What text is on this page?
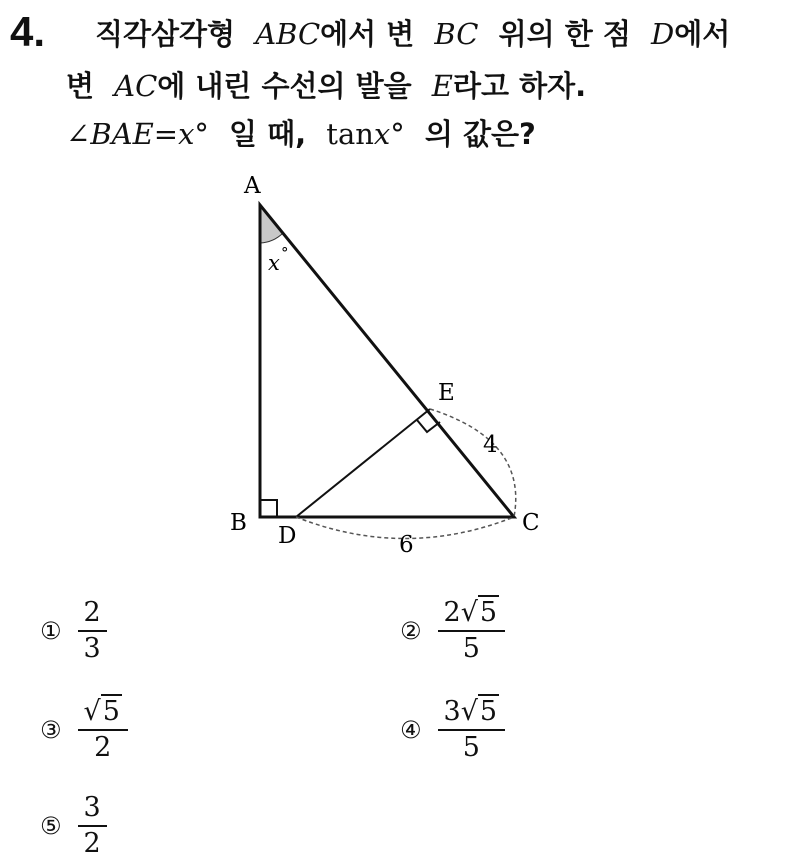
4. 직각삼각형 ABC에서 변 BC 위의 한 점 D에서
변 AC에 내린 수선의 발을 E라고 하자.
∠BAE=x° 일 때, tanx° 의 값은?
A
B	C
D
E
x °
4
6
① $\frac{2}{3}$	② $\frac{2√5}{5}$
③ $\frac{√5}{2}$	④ $\frac{3√5}{5}$
⑤ $\frac{3}{2}$
